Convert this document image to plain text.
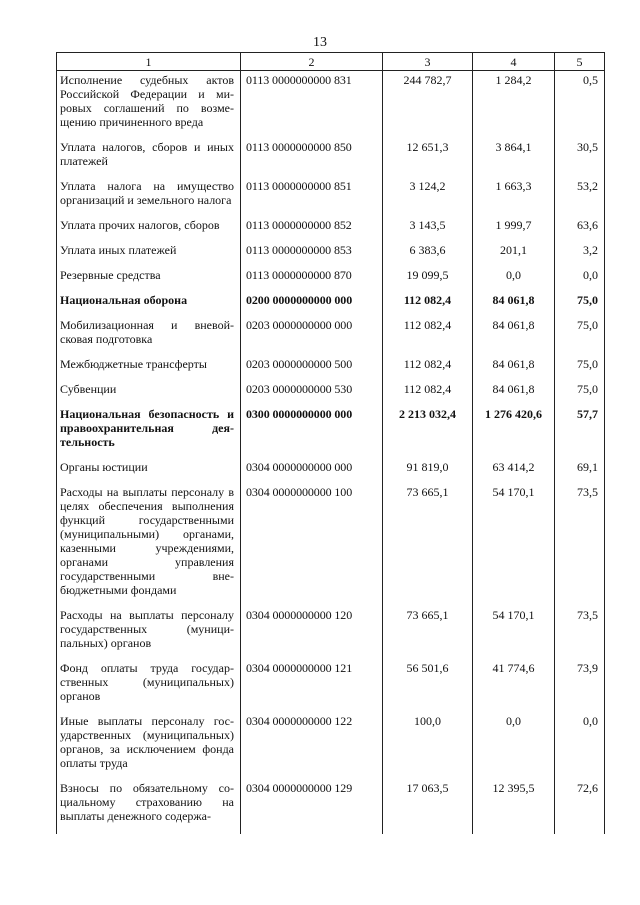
13
1	2	3	4	5
Исполнение судебных актов Российской Федерации и мировых соглашений по возмещению причиненного вреда	0113 0000000000 831	244 782,7	1 284,2	0,5
Уплата налогов, сборов и иных платежей	0113 0000000000 850	12 651,3	3 864,1	30,5
Уплата налога на имущество организаций и земельного налога	0113 0000000000 851	3 124,2	1 663,3	53,2
Уплата прочих налогов, сборов	0113 0000000000 852	3 143,5	1 999,7	63,6
Уплата иных платежей	0113 0000000000 853	6 383,6	201,1	3,2
Резервные средства	0113 0000000000 870	19 099,5	0,0	0,0
Национальная оборона	0200 0000000000 000	112 082,4	84 061,8	75,0
Мобилизационная и вневойсковая подготовка	0203 0000000000 000	112 082,4	84 061,8	75,0
Межбюджетные трансферты	0203 0000000000 500	112 082,4	84 061,8	75,0
Субвенции	0203 0000000000 530	112 082,4	84 061,8	75,0
Национальная безопасность и правоохранительная деятельность	0300 0000000000 000	2 213 032,4	1 276 420,6	57,7
Органы юстиции	0304 0000000000 000	91 819,0	63 414,2	69,1
Расходы на выплаты персоналу в целях обеспечения выполнения функций государственными (муниципальными) органами, казенными учреждениями, органами управления государственными внебюджетными фондами	0304 0000000000 100	73 665,1	54 170,1	73,5
Расходы на выплаты персоналу государственных (муниципальных) органов	0304 0000000000 120	73 665,1	54 170,1	73,5
Фонд оплаты труда государственных (муниципальных) органов	0304 0000000000 121	56 501,6	41 774,6	73,9
Иные выплаты персоналу государственных (муниципальных) органов, за исключением фонда оплаты труда	0304 0000000000 122	100,0	0,0	0,0
Взносы по обязательному социальному страхованию на выплаты денежного содержа-	0304 0000000000 129	17 063,5	12 395,5	72,6
